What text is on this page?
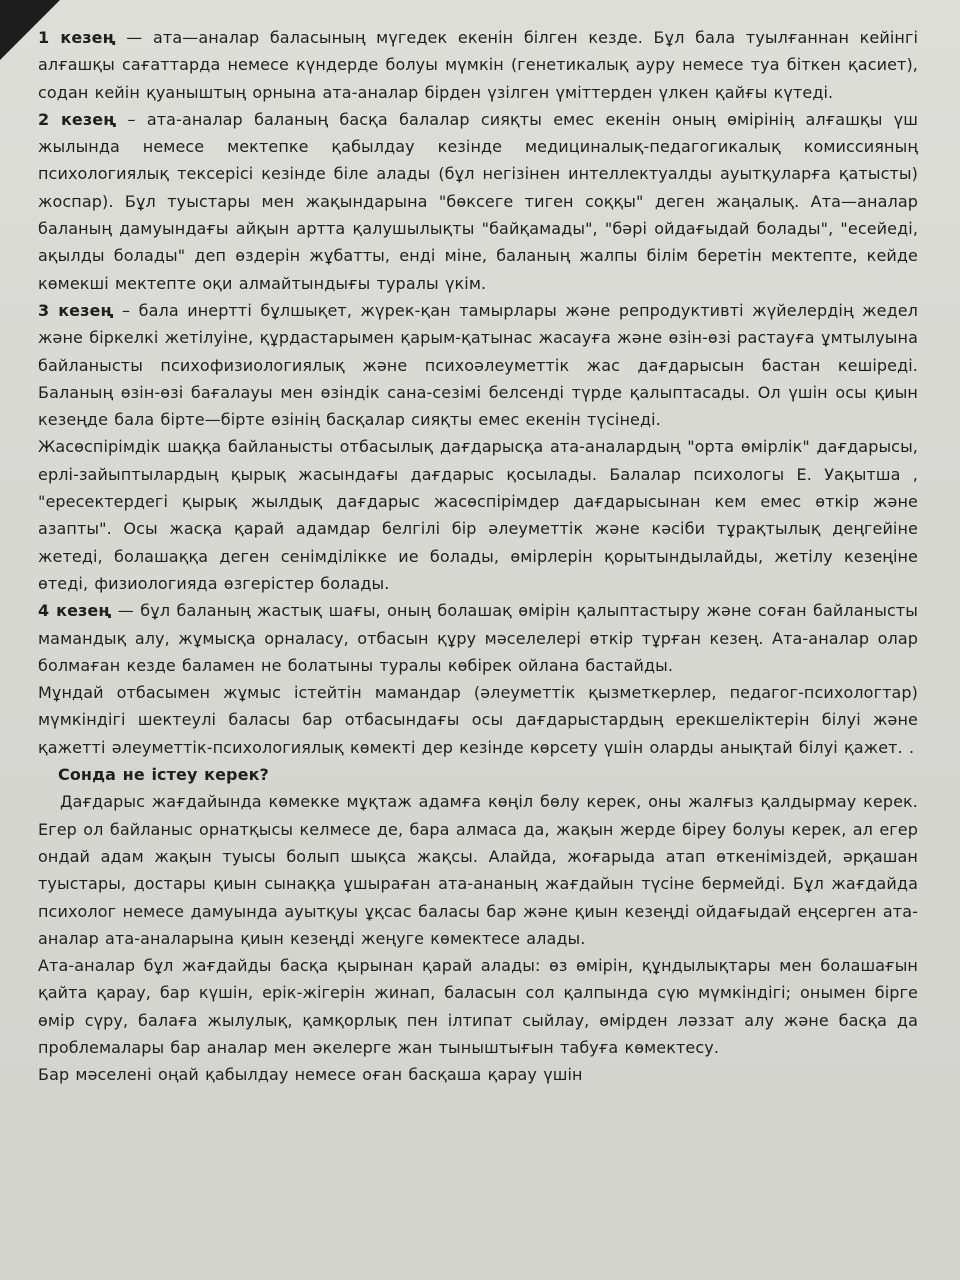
1 кезең — ата—аналар баласының мүгедек екенін білген кезде. Бұл бала туылғаннан кейінгі алғашқы сағаттарда немесе күндерде болуы мүмкін (генетикалық ауру немесе туа біткен қасиет), содан кейін қуаныштың орнына ата-аналар бірден үзілген үміттерден үлкен қайғы күтеді.

2 кезең – ата-аналар баланың басқа балалар сияқты емес екенін оның өмірінің алғашқы үш жылында немесе мектепке қабылдау кезінде медициналық-педагогикалық комиссияның психологиялық тексерісі кезінде біле алады (бұл негізінен интеллектуалды ауытқуларға қатысты) жоспар). Бұл туыстары мен жақындарына "бөксеге тиген соққы" деген жаңалық. Ата—аналар баланың дамуындағы айқын артта қалушылықты "байқамады", "бәрі ойдағыдай болады", "есейеді, ақылды болады" деп өздерін жұбатты, енді міне, баланың жалпы білім беретін мектепте, кейде көмекші мектепте оқи алмайтындығы туралы үкім.

3 кезең – бала инертті бұлшықет, жүрек-қан тамырлары және репродуктивті жүйелердің жедел және біркелкі жетілуіне, құрдастарымен қарым-қатынас жасауға және өзін-өзі растауға ұмтылуына байланысты психофизиологиялық және психоәлеуметтік жас дағдарысын бастан кешіреді. Баланың өзін-өзі бағалауы мен өзіндік сана-сезімі белсенді түрде қалыптасады. Ол үшін осы қиын кезеңде бала бірте—бірте өзінің басқалар сияқты емес екенін түсінеді.

Жасөспірімдік шаққа байланысты отбасылық дағдарысқа ата-аналардың "орта өмірлік" дағдарысы, ерлі-зайыптылардың қырық жасындағы дағдарыс қосылады. Балалар психологы Е. Уақытша , "ересектердегі қырық жылдық дағдарыс жасөспірімдер дағдарысынан кем емес өткір және азапты". Осы жасқа қарай адамдар белгілі бір әлеуметтік және кәсіби тұрақтылық деңгейіне жетеді, болашаққа деген сенімділікке ие болады, өмірлерін қорытындылайды, жетілу кезеңіне өтеді, физиологияда өзгерістер болады.

4 кезең — бұл баланың жастық шағы, оның болашақ өмірін қалыптастыру және соған байланысты мамандық алу, жұмысқа орналасу, отбасын құру мәселелері өткір тұрған кезең. Ата-аналар олар болмаған кезде баламен не болатыны туралы көбірек ойлана бастайды.

Мұндай отбасымен жұмыс істейтін мамандар (әлеуметтік қызметкерлер, педагог-психологтар) мүмкіндігі шектеулі баласы бар отбасындағы осы дағдарыстардың ерекшеліктерін білуі және қажетті әлеуметтік-психологиялық көмекті дер кезінде көрсету үшін оларды анықтай білуі қажет. .

Сонда не істеу керек?

Дағдарыс жағдайында көмекке мұқтаж адамға көңіл бөлу керек, оны жалғыз қалдырмау керек. Егер ол байланыс орнатқысы келмесе де, бара алмаса да, жақын жерде біреу болуы керек, ал егер ондай адам жақын туысы болып шықса жақсы. Алайда, жоғарыда атап өткеніміздей, әрқашан туыстары, достары қиын сынаққа ұшыраған ата-ананың жағдайын түсіне бермейді. Бұл жағдайда психолог немесе дамуында ауытқуы ұқсас баласы бар және қиын кезеңді ойдағыдай еңсерген ата-аналар ата-аналарына қиын кезеңді жеңуге көмектесе алады.

Ата-аналар бұл жағдайды басқа қырынан қарай алады: өз өмірін, құндылықтары мен болашағын қайта қарау, бар күшін, ерік-жігерін жинап, баласын сол қалпында сүю мүмкіндігі; онымен бірге өмір сүру, балаға жылулық, қамқорлық пен ілтипат сыйлау, өмірден ләззат алу және басқа да проблемалары бар аналар мен әкелерге жан тыныштығын табуға көмектесу.

Бар мәселені оңай қабылдау немесе оған басқаша қарау үшін
